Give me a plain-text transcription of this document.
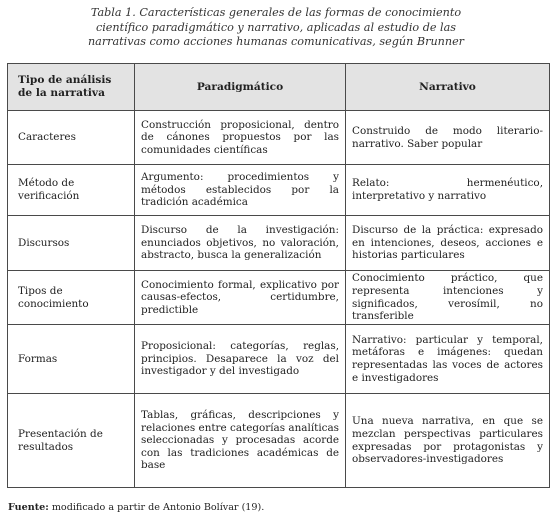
Tabla 1. Características generales de las formas de conocimiento
científico paradigmático y narrativo, aplicadas al estudio de las
narrativas como acciones humanas comunicativas, según Brunner
Tipo de análisis de la narrativa	Paradigmático	Narrativo
Caracteres	Construcción proposicional, dentro de cánones propuestos por las comunidades científicas	Construido de modo literario-narrativo. Saber popular
Método de verificación	Argumento: procedimientos y métodos establecidos por la tradición académica	Relato: hermenéutico, interpretativo y narrativo
Discursos	Discurso de la investigación: enunciados objetivos, no valoración, abstracto, busca la generalización	Discurso de la práctica: expresado en intenciones, deseos, acciones e historias particulares
Tipos de conocimiento	Conocimiento formal, explicativo por causas-efectos, certidumbre, predictible	Conocimiento práctico, que representa intenciones y significados, verosímil, no transferible
Formas	Proposicional: categorías, reglas, principios. Desaparece la voz del investigador y del investigado	Narrativo: particular y temporal, metáforas e imágenes: quedan representadas las voces de actores e investigadores
Presentación de resultados	Tablas, gráficas, descripciones y relaciones entre categorías analíticas seleccionadas y procesadas acorde con las tradiciones académicas de base	Una nueva narrativa, en que se mezclan perspectivas particulares expresadas por protagonistas y observadores-investigadores
Fuente: modificado a partir de Antonio Bolívar (19).
